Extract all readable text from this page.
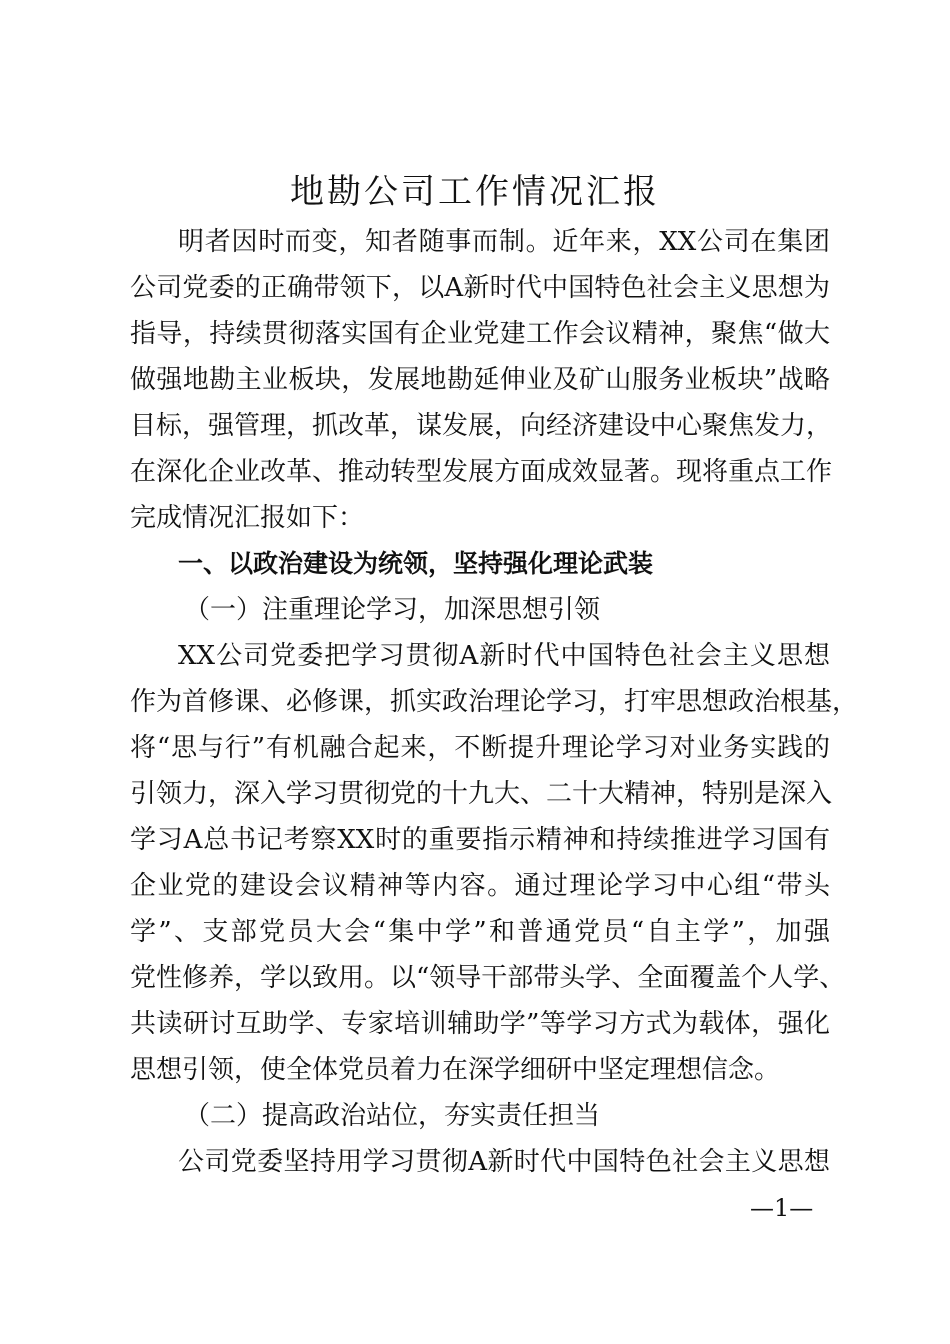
地勘公司工作情况汇报

明者因时而变，知者随事而制。近年来，XX公司在集团

公司党委的正确带领下，以A新时代中国特色社会主义思想为

指导，持续贯彻落实国有企业党建工作会议精神，聚焦“做大

做强地勘主业板块，发展地勘延伸业及矿山服务业板块”战略

目标，强管理，抓改革，谋发展，向经济建设中心聚焦发力，

在深化企业改革、推动转型发展方面成效显著。现将重点工作

完成情况汇报如下：

一、以政治建设为统领，坚持强化理论武装

（一）注重理论学习，加深思想引领

XX公司党委把学习贯彻A新时代中国特色社会主义思想

作为首修课、必修课，抓实政治理论学习，打牢思想政治根基，

将“思与行”有机融合起来，不断提升理论学习对业务实践的

引领力，深入学习贯彻党的十九大、二十大精神，特别是深入

学习A总书记考察XX时的重要指示精神和持续推进学习国有

企业党的建设会议精神等内容。通过理论学习中心组“带头

学”、支部党员大会“集中学”和普通党员“自主学”，加强

党性修养，学以致用。以“领导干部带头学、全面覆盖个人学、

共读研讨互助学、专家培训辅助学”等学习方式为载体，强化

思想引领，使全体党员着力在深学细研中坚定理想信念。

（二）提高政治站位，夯实责任担当

公司党委坚持用学习贯彻A新时代中国特色社会主义思想

—1—
